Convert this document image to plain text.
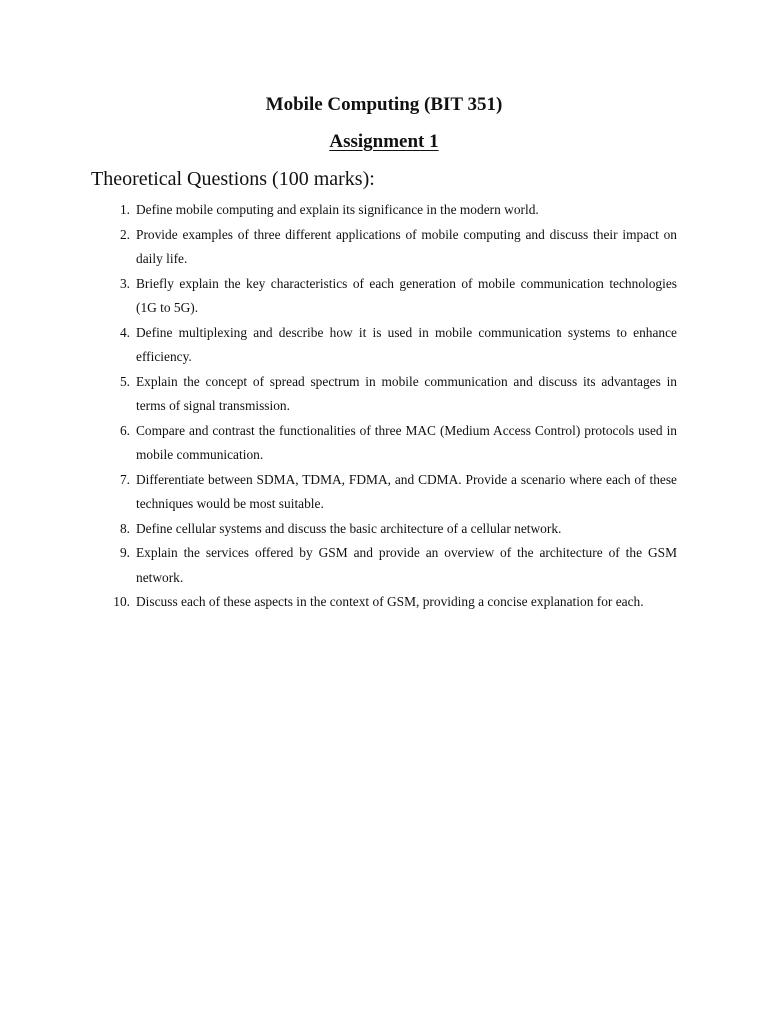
Mobile Computing (BIT 351)
Assignment 1
Theoretical Questions (100 marks):
1. Define mobile computing and explain its significance in the modern world.
2. Provide examples of three different applications of mobile computing and discuss their impact on daily life.
3. Briefly explain the key characteristics of each generation of mobile communication technologies (1G to 5G).
4. Define multiplexing and describe how it is used in mobile communication systems to enhance efficiency.
5. Explain the concept of spread spectrum in mobile communication and discuss its advantages in terms of signal transmission.
6. Compare and contrast the functionalities of three MAC (Medium Access Control) protocols used in mobile communication.
7. Differentiate between SDMA, TDMA, FDMA, and CDMA. Provide a scenario where each of these techniques would be most suitable.
8. Define cellular systems and discuss the basic architecture of a cellular network.
9. Explain the services offered by GSM and provide an overview of the architecture of the GSM network.
10. Discuss each of these aspects in the context of GSM, providing a concise explanation for each.
